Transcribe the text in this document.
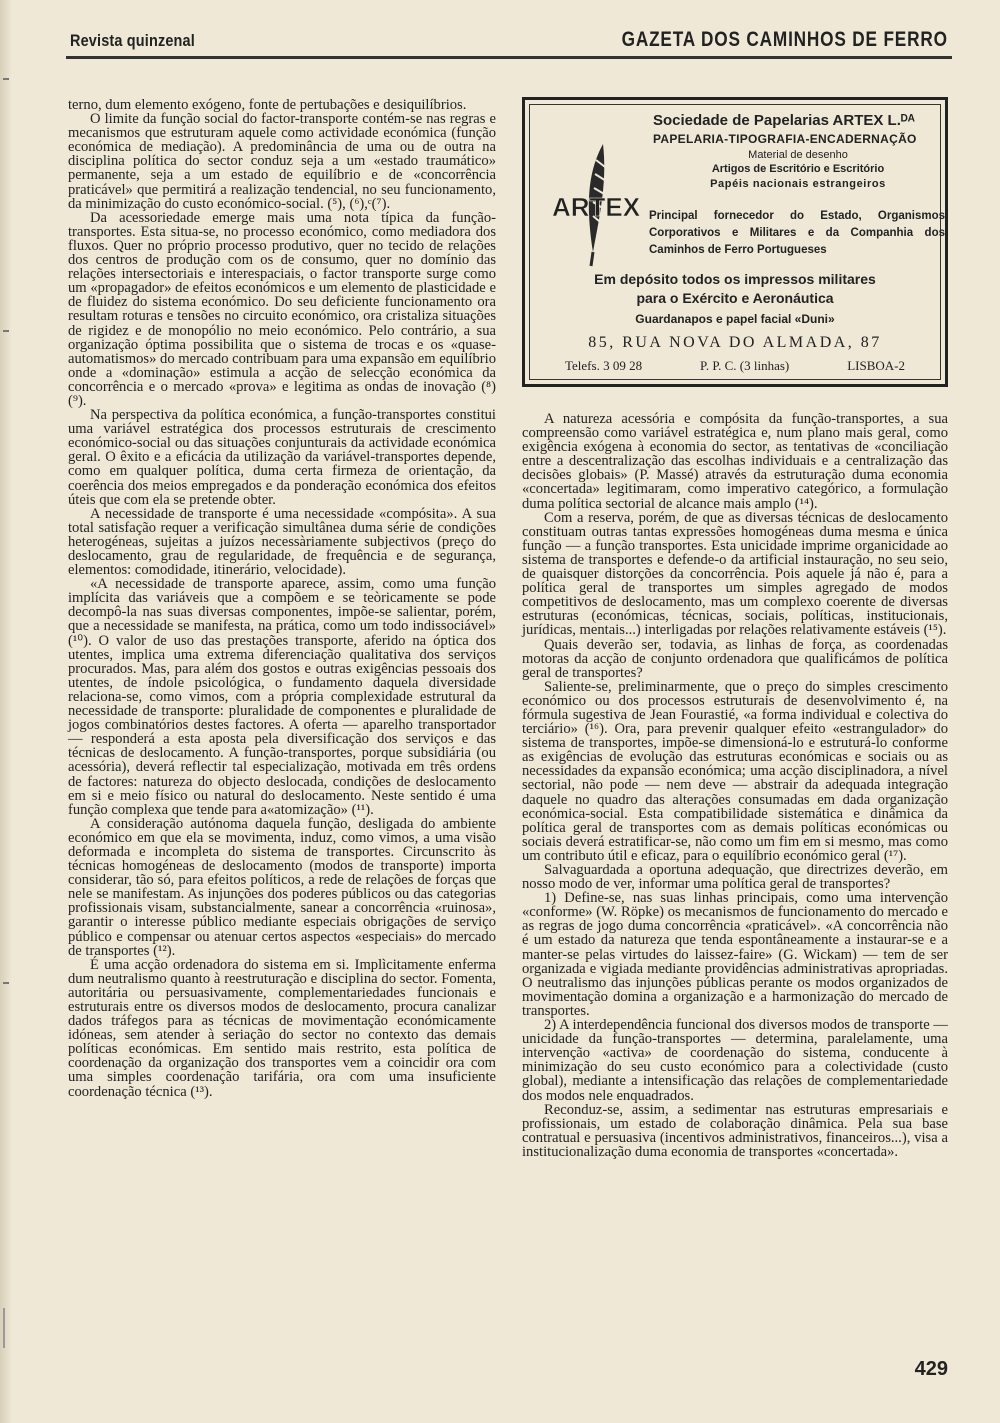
Revista quinzenal	GAZETA DOS CAMINHOS DE FERRO

terno, dum elemento exógeno, fonte de pertubações e desiquilíbrios.

O limite da função social do factor-transporte contém-se nas regras e mecanismos que estruturam aquele como actividade económica (função económica de mediação). A predominância de uma ou de outra na disciplina política do sector conduz seja a um «estado traumático» permanente, seja a um estado de equilíbrio e de «concorrência praticável» que permitirá a realização tendencial, no seu funcionamento, da minimização do custo económico-social. (⁵), (⁶),ᶜ(⁷).

Da acessoriedade emerge mais uma nota típica da função-transportes. Esta situa-se, no processo económico, como mediadora dos fluxos. Quer no próprio processo produtivo, quer no tecido de relações dos centros de produção com os de consumo, quer no domínio das relações intersectoriais e interespaciais, o factor transporte surge como um «propagador» de efeitos económicos e um elemento de plasticidade e de fluidez do sistema económico. Do seu deficiente funcionamento ora resultam roturas e tensões no circuito económico, ora cristaliza situações de rigidez e de monopólio no meio económico. Pelo contrário, a sua organização óptima possibilita que o sistema de trocas e os «quase-automatismos» do mercado contribuam para uma expansão em equilíbrio onde a «dominação» estimula a acção de selecção económica da concorrência e o mercado «prova» e legitima as ondas de inovação (⁸) (⁹).

Na perspectiva da política económica, a função-transportes constitui uma variável estratégica dos processos estruturais de crescimento económico-social ou das situações conjunturais da actividade económica geral. O êxito e a eficácia da utilização da variável-transportes depende, como em qualquer política, duma certa firmeza de orientação, da coerência dos meios empregados e da ponderação económica dos efeitos úteis que com ela se pretende obter.

A necessidade de transporte é uma necessidade «compósita». A sua total satisfação requer a verificação simultânea duma série de condições heterogéneas, sujeitas a juízos necessàriamente subjectivos (preço do deslocamento, grau de regularidade, de frequência e de segurança, elementos: comodidade, itinerário, velocidade).

«A necessidade de transporte aparece, assim, como uma função implícita das variáveis que a compõem e se teòricamente se pode decompô-la nas suas diversas componentes, impõe-se salientar, porém, que a necessidade se manifesta, na prática, como um todo indissociável» (¹⁰). O valor de uso das prestações transporte, aferido na óptica dos utentes, implica uma extrema diferenciação qualitativa dos serviços procurados. Mas, para além dos gostos e outras exigências pessoais dos utentes, de índole psicológica, o fundamento daquela diversidade relaciona-se, como vimos, com a própria complexidade estrutural da necessidade de transporte: pluralidade de componentes e pluralidade de jogos combinatórios destes factores. A oferta — aparelho transportador — responderá a esta aposta pela diversificação dos serviços e das técnicas de deslocamento. A função-transportes, porque subsidiária (ou acessória), deverá reflectir tal especialização, motivada em três ordens de factores: natureza do objecto deslocada, condições de deslocamento em si e meio físico ou natural do deslocamento. Neste sentido é uma função complexa que tende para a«atomização» (¹¹).

A consideração autónoma daquela função, desligada do ambiente económico em que ela se movimenta, induz, como vimos, a uma visão deformada e incompleta do sistema de transportes. Circunscrito às técnicas homogéneas de deslocamento (modos de transporte) importa considerar, tão só, para efeitos políticos, a rede de relações de forças que nele se manifestam. As injunções dos poderes públicos ou das categorias profissionais visam, substancialmente, sanear a concorrência «ruinosa», garantir o interesse público mediante especiais obrigações de serviço público e compensar ou atenuar certos aspectos «especiais» do mercado de transportes (¹²).

É uma acção ordenadora do sistema em si. Implìcitamente enferma dum neutralismo quanto à reestruturação e disciplina do sector. Fomenta, autoritária ou persuasivamente, complementariedades funcionais e estruturais entre os diversos modos de deslocamento, procura canalizar dados tráfegos para as técnicas de movimentação económicamente idóneas, sem atender à seriação do sector no contexto das demais políticas económicas. Em sentido mais restrito, esta política de coordenação da organização dos transportes vem a coincidir ora com uma simples coordenação tarifária, ora com uma insuficiente coordenação técnica (¹³).

ARTEX
Sociedade de Papelarias ARTEX L.ᴰᴬ
PAPELARIA-TIPOGRAFIA-ENCADERNAÇÃO
Material de desenho
Artigos de Escritório e Escritório
Papéis nacionais estrangeiros
Principal fornecedor do Estado, Organismos Corporativos e Militares e da Companhia dos Caminhos de Ferro Portugueses
Em depósito todos os impressos militares
para o Exército e Aeronáutica
Guardanapos e papel facial «Duni»
85, RUA NOVA DO ALMADA, 87
Telefs. 3 09 28	P. P. C. (3 linhas)	LISBOA-2

A natureza acessória e compósita da função-transportes, a sua compreensão como variável estratégica e, num plano mais geral, como exigência exógena à economia do sector, as tentativas de «conciliação entre a descentralização das escolhas individuais e a centralização das decisões globais» (P. Massé) através da estruturação duma economia «concertada» legitimaram, como imperativo categórico, a formulação duma política sectorial de alcance mais amplo (¹⁴).

Com a reserva, porém, de que as diversas técnicas de deslocamento constituam outras tantas expressões homogéneas duma mesma e única função — a função transportes. Esta unicidade imprime organicidade ao sistema de transportes e defende-o da artificial instauração, no seu seio, de quaisquer distorções da concorrência. Pois aquele já não é, para a política geral de transportes um simples agregado de modos competitivos de deslocamento, mas um complexo coerente de diversas estruturas (económicas, técnicas, sociais, políticas, institucionais, jurídicas, mentais...) interligadas por relações relativamente estáveis (¹⁵).

Quais deverão ser, todavia, as linhas de força, as coordenadas motoras da acção de conjunto ordenadora que qualificámos de política geral de transportes?

Saliente-se, preliminarmente, que o preço do simples crescimento económico ou dos processos estruturais de desenvolvimento é, na fórmula sugestiva de Jean Fourastié, «a forma individual e colectiva do terciário» (¹⁶). Ora, para prevenir qualquer efeito «estrangulador» do sistema de transportes, impõe-se dimensioná-lo e estruturá-lo conforme as exigências de evolução das estruturas económicas e sociais ou as necessidades da expansão económica; uma acção disciplinadora, a nível sectorial, não pode — nem deve — abstrair da adequada integração daquele no quadro das alterações consumadas em dada organização económica-social. Esta compatibilidade sistemática e dinâmica da política geral de transportes com as demais políticas económicas ou sociais deverá estratificar-se, não como um fim em si mesmo, mas como um contributo útil e eficaz, para o equilíbrio económico geral (¹⁷).

Salvaguardada a oportuna adequação, que directrizes deverão, em nosso modo de ver, informar uma política geral de transportes?

1) Define-se, nas suas linhas principais, como uma intervenção «conforme» (W. Röpke) os mecanismos de funcionamento do mercado e as regras de jogo duma concorrência «praticável». «A concorrência não é um estado da natureza que tenda espontâneamente a instaurar-se e a manter-se pelas virtudes do laissez-faire» (G. Wickam) — tem de ser organizada e vigiada mediante providências administrativas apropriadas. O neutralismo das injunções públicas perante os modos organizados de movimentação domina a organização e a harmonização do mercado de transportes.

2) A interdependência funcional dos diversos modos de transporte — unicidade da função-transportes — determina, paralelamente, uma intervenção «activa» de coordenação do sistema, conducente à minimização do seu custo económico para a colectividade (custo global), mediante a intensificação das relações de complementariedade dos modos nele enquadrados.

Reconduz-se, assim, a sedimentar nas estruturas empresariais e profissionais, um estado de colaboração dinâmica. Pela sua base contratual e persuasiva (incentivos administrativos, financeiros...), visa a institucionalização duma economia de transportes «concertada».

429
